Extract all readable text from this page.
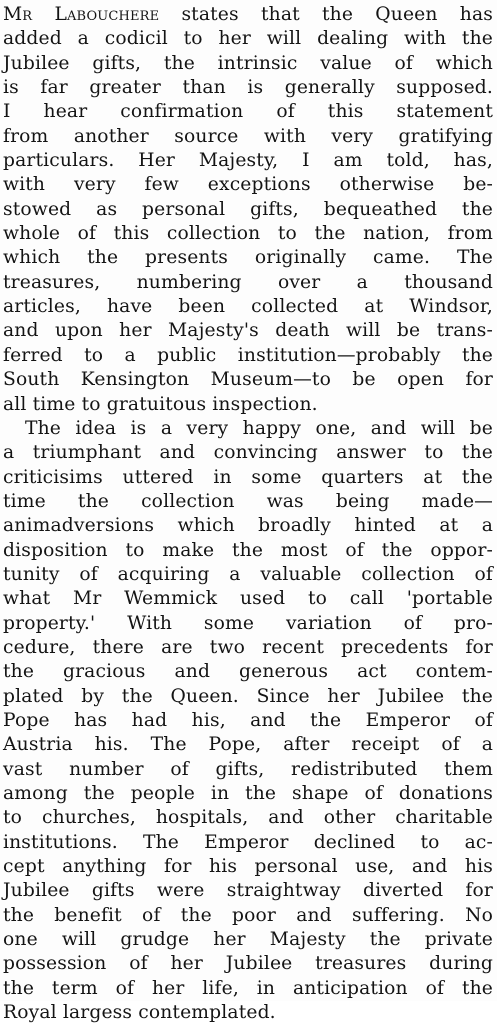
Mr Labouchere states that the Queen has
added a codicil to her will dealing with the
Jubilee gifts, the intrinsic value of which
is far greater than is generally supposed.
I hear confirmation of this statement
from another source with very gratifying
particulars. Her Majesty, I am told, has,
with very few exceptions otherwise be-
stowed as personal gifts, bequeathed the
whole of this collection to the nation, from
which the presents originally came. The
treasures, numbering over a thousand
articles, have been collected at Windsor,
and upon her Majesty's death will be trans-
ferred to a public institution—probably the
South Kensington Museum—to be open for
all time to gratuitous inspection.
The idea is a very happy one, and will be
a triumphant and convincing answer to the
criticisims uttered in some quarters at the
time the collection was being made—
animadversions which broadly hinted at a
disposition to make the most of the oppor-
tunity of acquiring a valuable collection of
what Mr Wemmick used to call 'portable
property.' With some variation of pro-
cedure, there are two recent precedents for
the gracious and generous act contem-
plated by the Queen. Since her Jubilee the
Pope has had his, and the Emperor of
Austria his. The Pope, after receipt of a
vast number of gifts, redistributed them
among the people in the shape of donations
to churches, hospitals, and other charitable
institutions. The Emperor declined to ac-
cept anything for his personal use, and his
Jubilee gifts were straightway diverted for
the benefit of the poor and suffering. No
one will grudge her Majesty the private
possession of her Jubilee treasures during
the term of her life, in anticipation of the
Royal largess contemplated.
